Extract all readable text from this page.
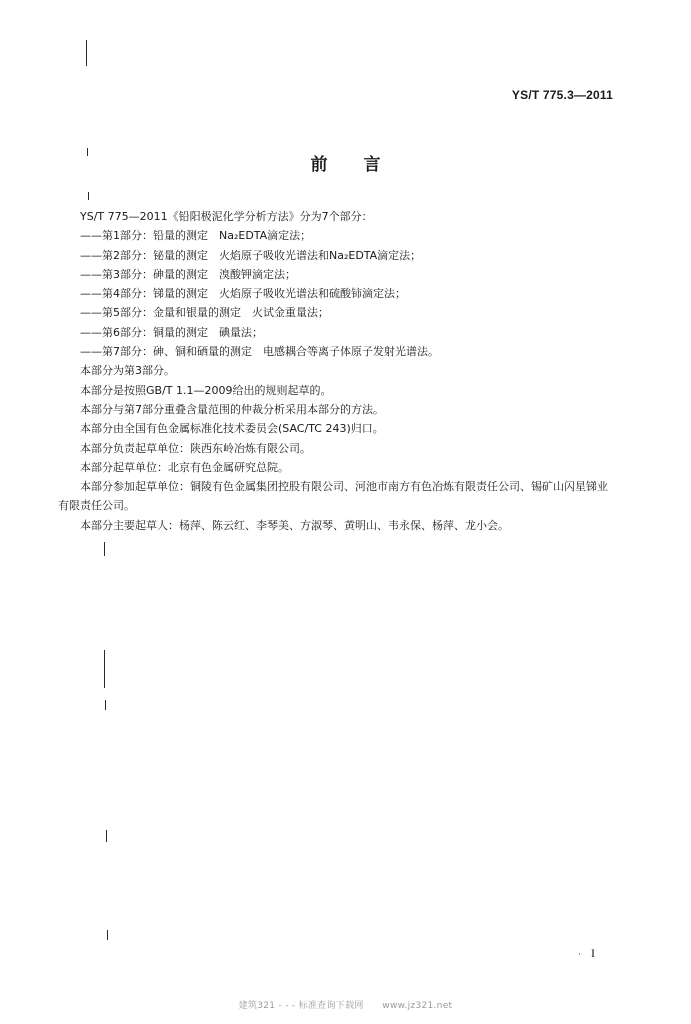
YS/T 775.3—2011
前言

YS/T 775—2011《铅阳极泥化学分析方法》分为7个部分：

——第1部分：铅量的测定　Na₂EDTA滴定法；

——第2部分：铋量的测定　火焰原子吸收光谱法和Na₂EDTA滴定法；

——第3部分：砷量的测定　溴酸钾滴定法；

——第4部分：锑量的测定　火焰原子吸收光谱法和硫酸铈滴定法；

——第5部分：金量和银量的测定　火试金重量法；

——第6部分：铜量的测定　碘量法；

——第7部分：砷、铜和硒量的测定　电感耦合等离子体原子发射光谱法。

本部分为第3部分。

本部分是按照GB/T 1.1—2009给出的规则起草的。

本部分与第7部分重叠含量范围的仲裁分析采用本部分的方法。

本部分由全国有色金属标准化技术委员会(SAC/TC 243)归口。

本部分负责起草单位：陕西东岭冶炼有限公司。

本部分起草单位：北京有色金属研究总院。

本部分参加起草单位：铜陵有色金属集团控股有限公司、河池市南方有色冶炼有限责任公司、锡矿山闪星锑业有限责任公司。

本部分主要起草人：杨萍、陈云红、李琴美、方淑琴、黄明山、韦永保、杨萍、龙小会。

· I
建筑321 - - - 标准查询下载网　　www.jz321.net
